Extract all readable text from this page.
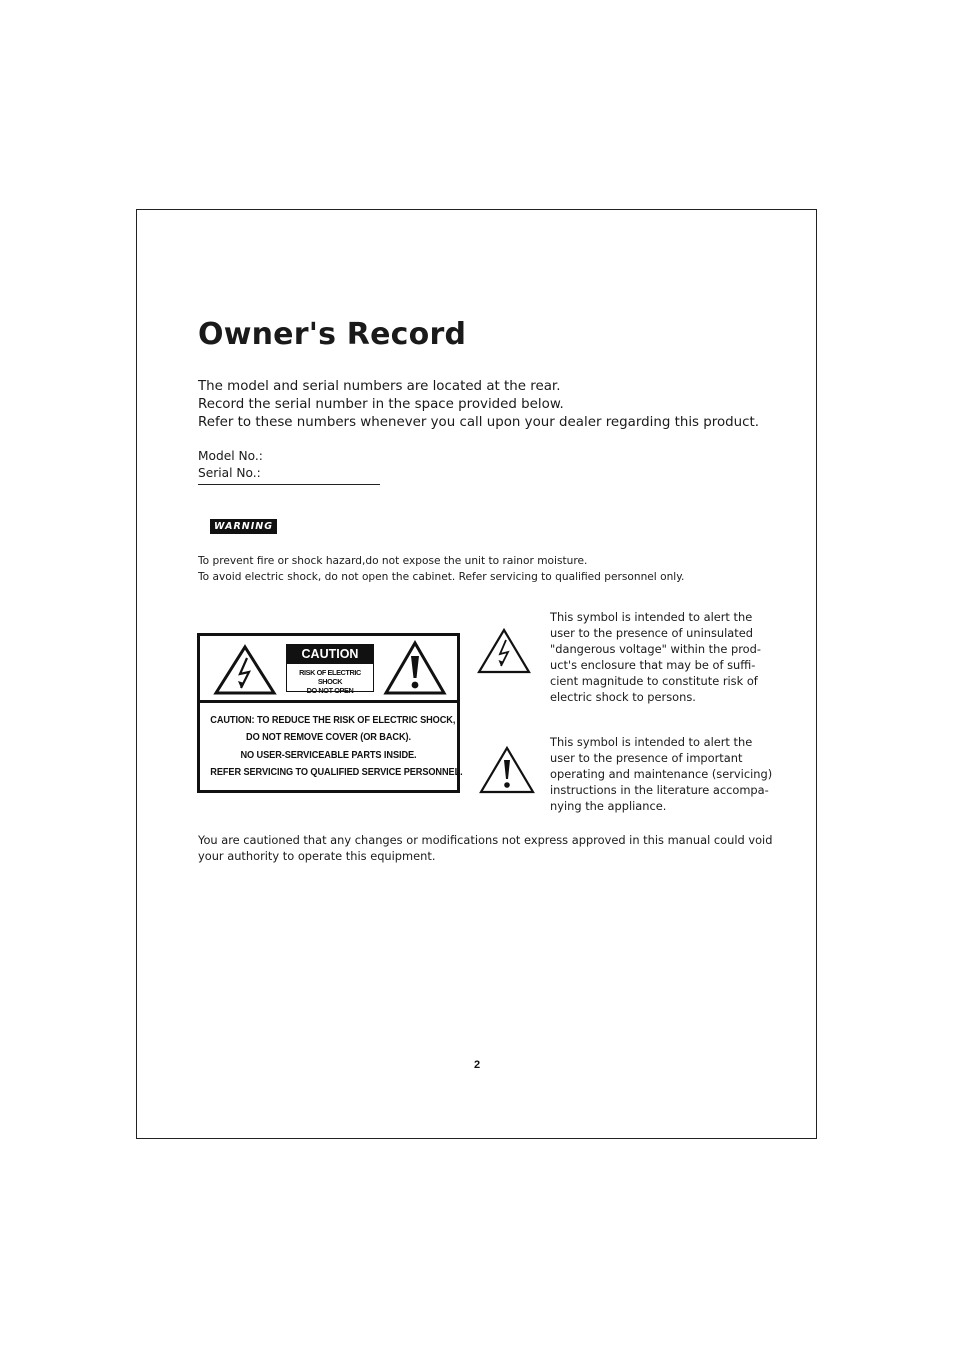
Owner's Record
The model and serial numbers are located at the rear.
Record the serial number in the space provided below.
Refer to these numbers whenever you call upon your dealer regarding this product.
Model No.:
Serial No.:
WARNING
To prevent fire or shock hazard,do not expose the unit to rainor moisture.
To avoid electric shock, do not open the cabinet. Refer servicing to qualified personnel only.
CAUTION
RISK OF ELECTRIC SHOCK
DO NOT OPEN
CAUTION: TO REDUCE THE RISK OF ELECTRIC SHOCK,
DO NOT REMOVE COVER (OR BACK).
NO USER-SERVICEABLE PARTS INSIDE.
REFER SERVICING TO QUALIFIED SERVICE PERSONNEL.
This symbol is intended to alert the
user to the presence of uninsulated
"dangerous voltage" within the prod-
uct's enclosure that may be of suffi-
cient magnitude to constitute risk of
electric shock to persons.
This symbol is intended to alert the
user to the presence of important
operating and maintenance (servicing)
instructions in the literature accompa-
nying the appliance.
You are cautioned that any changes or modifications not express approved in this manual could void
your authority to operate this equipment.
2
